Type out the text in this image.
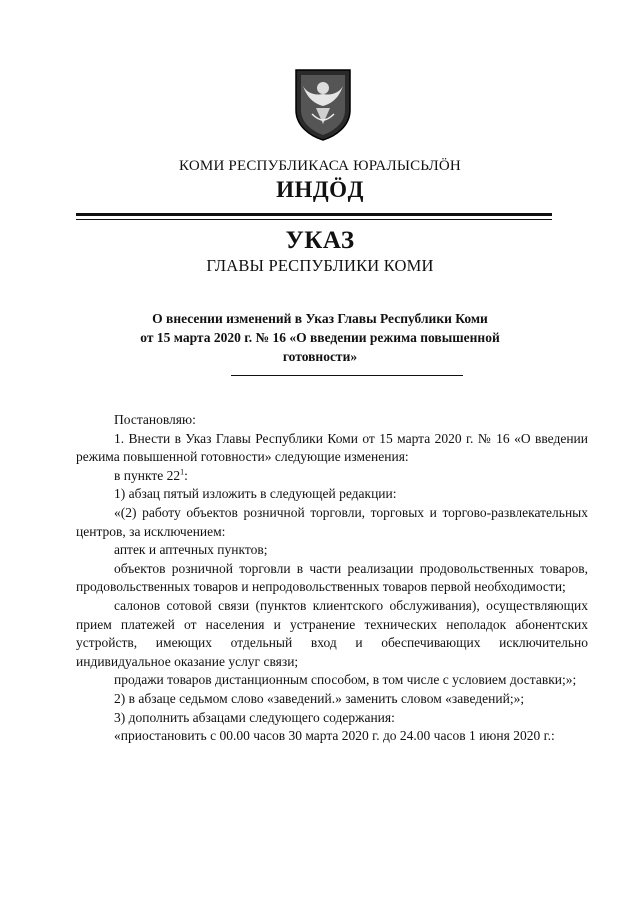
КОМИ РЕСПУБЛИКАСА ЮРАЛЫСЬЛӦН
ИНДӦД
УКАЗ
ГЛАВЫ РЕСПУБЛИКИ КОМИ
О внесении изменений в Указ Главы Республики Коми
от 15 марта 2020 г. № 16 «О введении режима повышенной
готовности»

Постановляю:

1. Внести в Указ Главы Республики Коми от 15 марта 2020 г. № 16 «О введении режима повышенной готовности» следующие изменения:

в пункте $22^1$:

1) абзац пятый изложить в следующей редакции:

«(2) работу объектов розничной торговли, торговых и торгово-развлекательных центров, за исключением:

аптек и аптечных пунктов;

объектов розничной торговли в части реализации продовольственных товаров, продовольственных товаров и непродовольственных товаров первой необходимости;

салонов сотовой связи (пунктов клиентского обслуживания), осуществляющих прием платежей от населения и устранение технических неполадок абонентских устройств, имеющих отдельный вход и обеспечивающих исключительно индивидуальное оказание услуг связи;

продажи товаров дистанционным способом, в том числе с условием доставки;»;

2) в абзаце седьмом слово «заведений.» заменить словом «заведений;»;

3) дополнить абзацами следующего содержания:

«приостановить с 00.00 часов 30 марта 2020 г. до 24.00 часов 1 июня 2020 г.:
